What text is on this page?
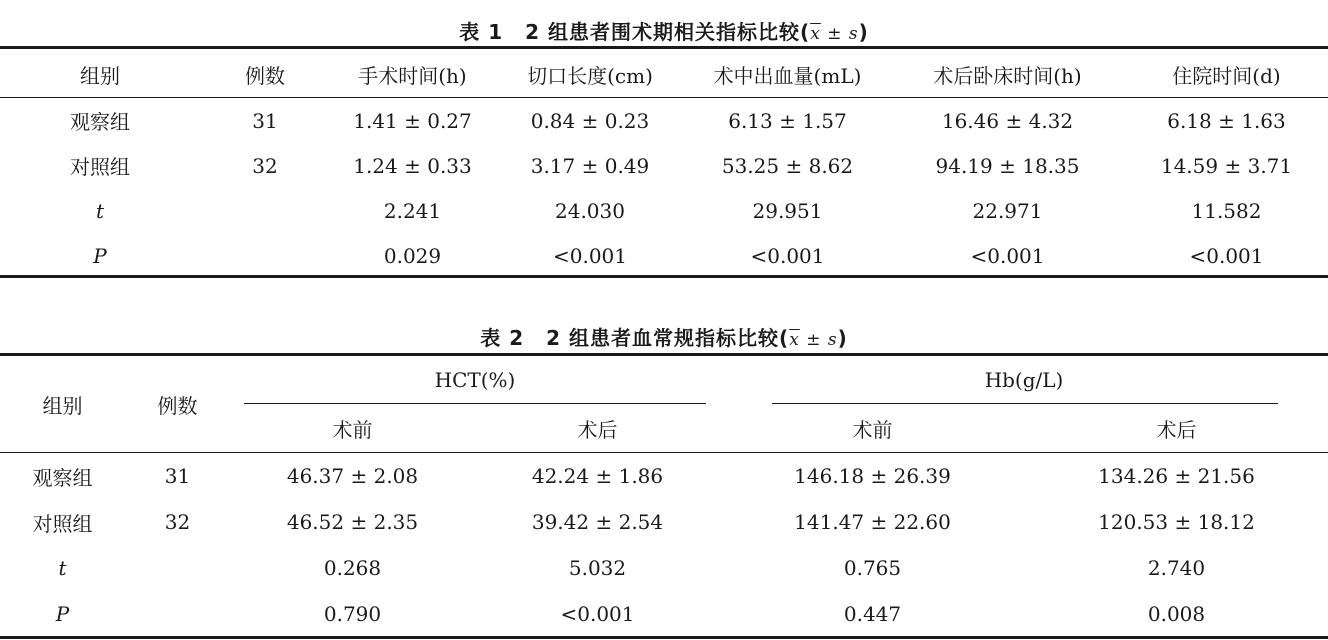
表 1 2 组患者围术期相关指标比较$(\overline{x} \pm s)$
组别	例数	手术时间(h)	切口长度(cm)	术中出血量(mL)	术后卧床时间(h)	住院时间(d)
观察组	31	1.41 ± 0.27	0.84 ± 0.23	6.13 ± 1.57	16.46 ± 4.32	6.18 ± 1.63
对照组	32	1.24 ± 0.33	3.17 ± 0.49	53.25 ± 8.62	94.19 ± 18.35	14.59 ± 3.71
t		2.241	24.030	29.951	22.971	11.582
P		0.029	<0.001	<0.001	<0.001	<0.001
表 2 2 组患者血常规指标比较$(\overline{x} \pm s)$
组别	例数	HCT(%)		Hb(g/L)	
		术前	术后	术前	术后
观察组	31	46.37 ± 2.08	42.24 ± 1.86	146.18 ± 26.39	134.26 ± 21.56
对照组	32	46.52 ± 2.35	39.42 ± 2.54	141.47 ± 22.60	120.53 ± 18.12
t		0.268	5.032	0.765	2.740
P		0.790	<0.001	0.447	0.008
